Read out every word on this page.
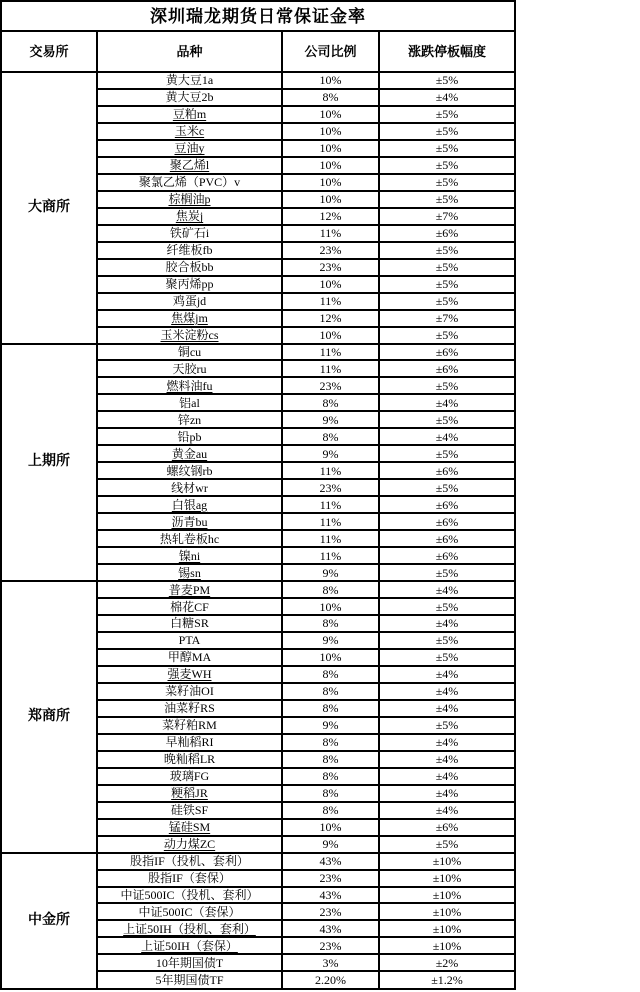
深圳瑞龙期货日常保证金率			
交易所	品种	公司比例	涨跌停板幅度
大商所	黄大豆1a	10%	±5%
	黄大豆2b	8%	±4%
	豆粕m	10%	±5%
	玉米c	10%	±5%
	豆油y	10%	±5%
	聚乙烯l	10%	±5%
	聚氯乙烯（PVC）v	10%	±5%
	棕榈油p	10%	±5%
	焦炭j	12%	±7%
	铁矿石i	11%	±6%
	纤维板fb	23%	±5%
	胶合板bb	23%	±5%
	聚丙烯pp	10%	±5%
	鸡蛋jd	11%	±5%
	焦煤jm	12%	±7%
	玉米淀粉cs	10%	±5%
上期所	铜cu	11%	±6%
	天胶ru	11%	±6%
	燃料油fu	23%	±5%
	铝al	8%	±4%
	锌zn	9%	±5%
	铅pb	8%	±4%
	黄金au	9%	±5%
	螺纹钢rb	11%	±6%
	线材wr	23%	±5%
	白银ag	11%	±6%
	沥青bu	11%	±6%
	热轧卷板hc	11%	±6%
	镍ni	11%	±6%
	锡sn	9%	±5%
郑商所	普麦PM	8%	±4%
	棉花CF	10%	±5%
	白糖SR	8%	±4%
	PTA	9%	±5%
	甲醇MA	10%	±5%
	强麦WH	8%	±4%
	菜籽油OI	8%	±4%
	油菜籽RS	8%	±4%
	菜籽粕RM	9%	±5%
	早籼稻RI	8%	±4%
	晚籼稻LR	8%	±4%
	玻璃FG	8%	±4%
	粳稻JR	8%	±4%
	硅铁SF	8%	±4%
	锰硅SM	10%	±6%
	动力煤ZC	9%	±5%
中金所	股指IF（投机、套利）	43%	±10%
	股指IF（套保）	23%	±10%
	中证500IC（投机、套利）	43%	±10%
	中证500IC（套保）	23%	±10%
	上证50IH（投机、套利）	43%	±10%
	上证50IH（套保）	23%	±10%
	10年期国债T	3%	±2%
	5年期国债TF	2.20%	±1.2%
